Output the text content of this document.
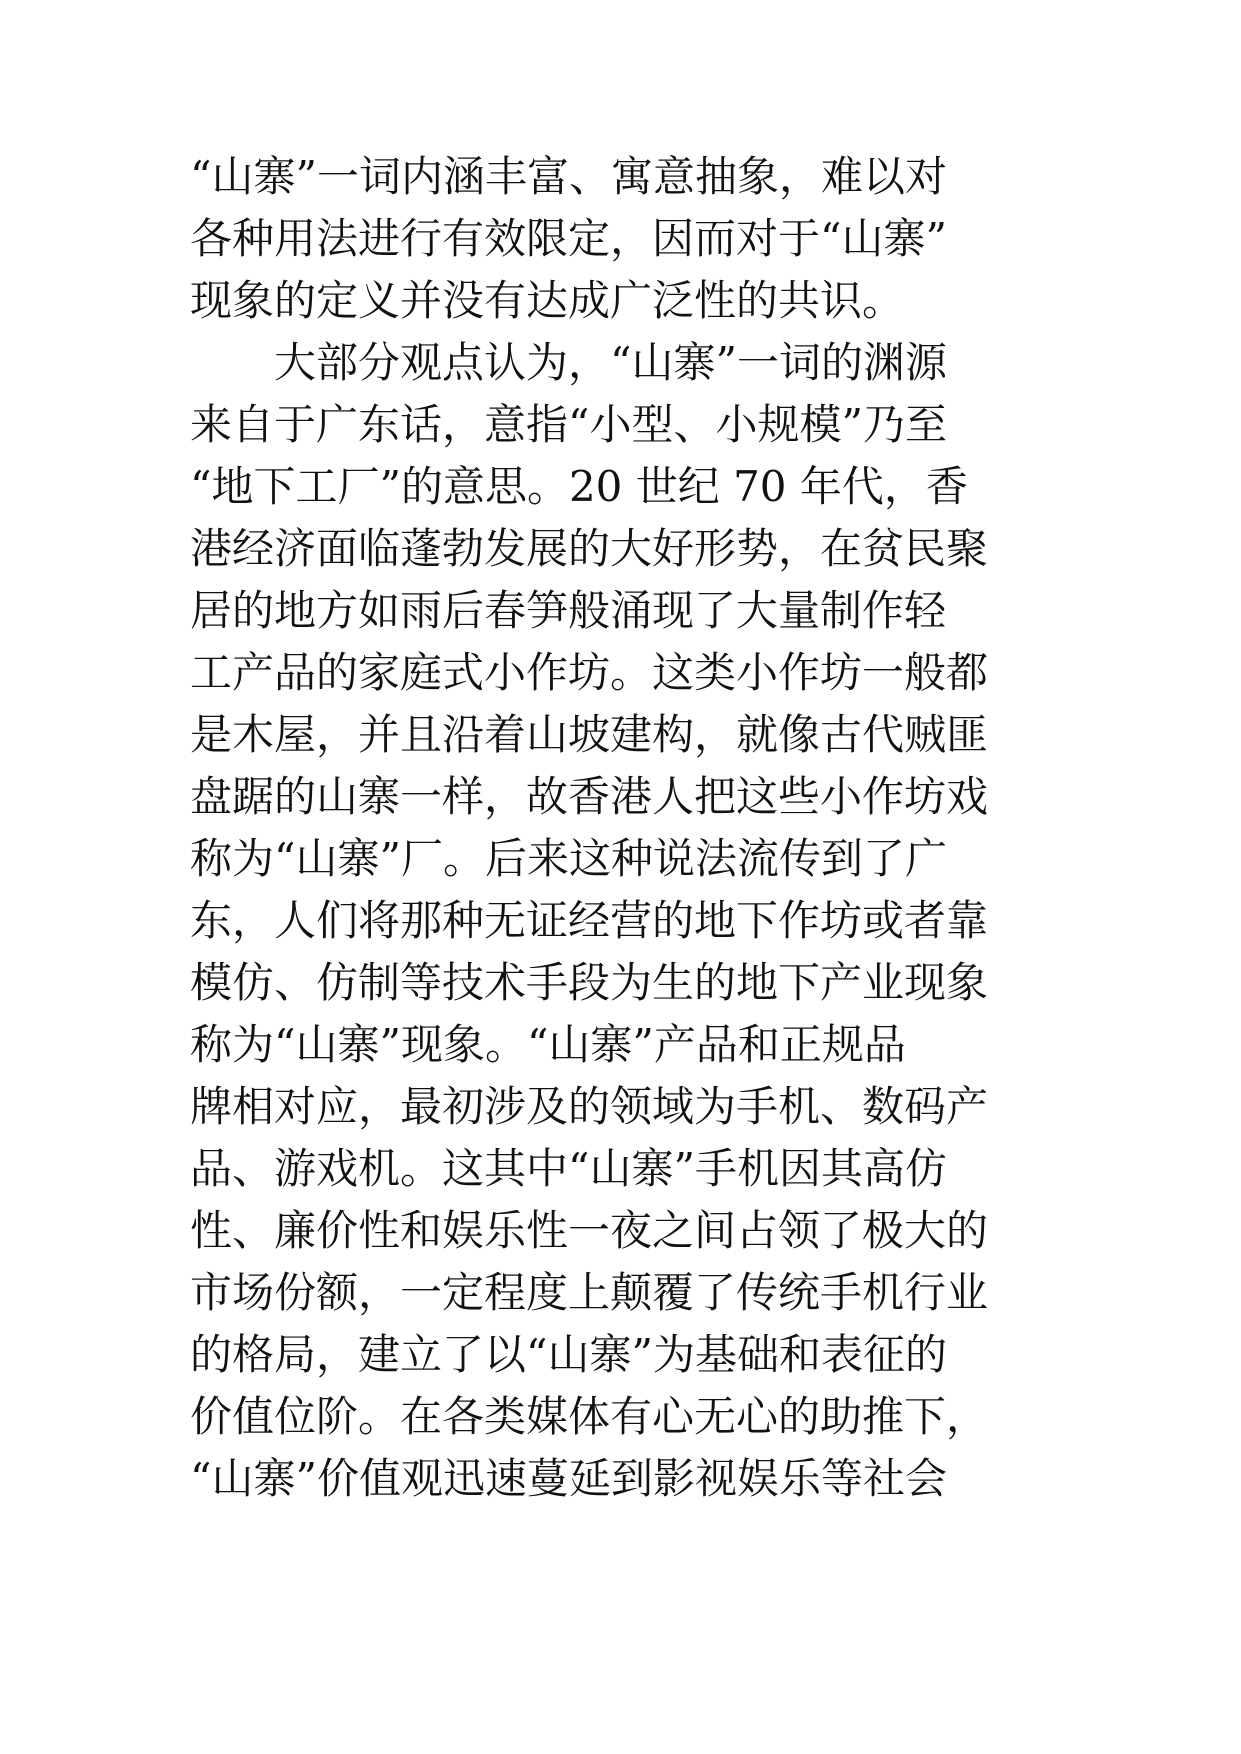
“山寨”一词内涵丰富、寓意抽象，难以对
各种用法进行有效限定，因而对于“山寨”
现象的定义并没有达成广泛性的共识。
　　大部分观点认为，“山寨”一词的渊源
来自于广东话，意指“小型、小规模”乃至
“地下工厂”的意思。20 世纪 70 年代，香
港经济面临蓬勃发展的大好形势，在贫民聚
居的地方如雨后春笋般涌现了大量制作轻
工产品的家庭式小作坊。这类小作坊一般都
是木屋，并且沿着山坡建构，就像古代贼匪
盘踞的山寨一样，故香港人把这些小作坊戏
称为“山寨”厂。后来这种说法流传到了广
东，人们将那种无证经营的地下作坊或者靠
模仿、仿制等技术手段为生的地下产业现象
称为“山寨”现象。“山寨”产品和正规品
牌相对应，最初涉及的领域为手机、数码产
品、游戏机。这其中“山寨”手机因其高仿
性、廉价性和娱乐性一夜之间占领了极大的
市场份额，一定程度上颠覆了传统手机行业
的格局，建立了以“山寨”为基础和表征的
价值位阶。在各类媒体有心无心的助推下，
“山寨”价值观迅速蔓延到影视娱乐等社会
